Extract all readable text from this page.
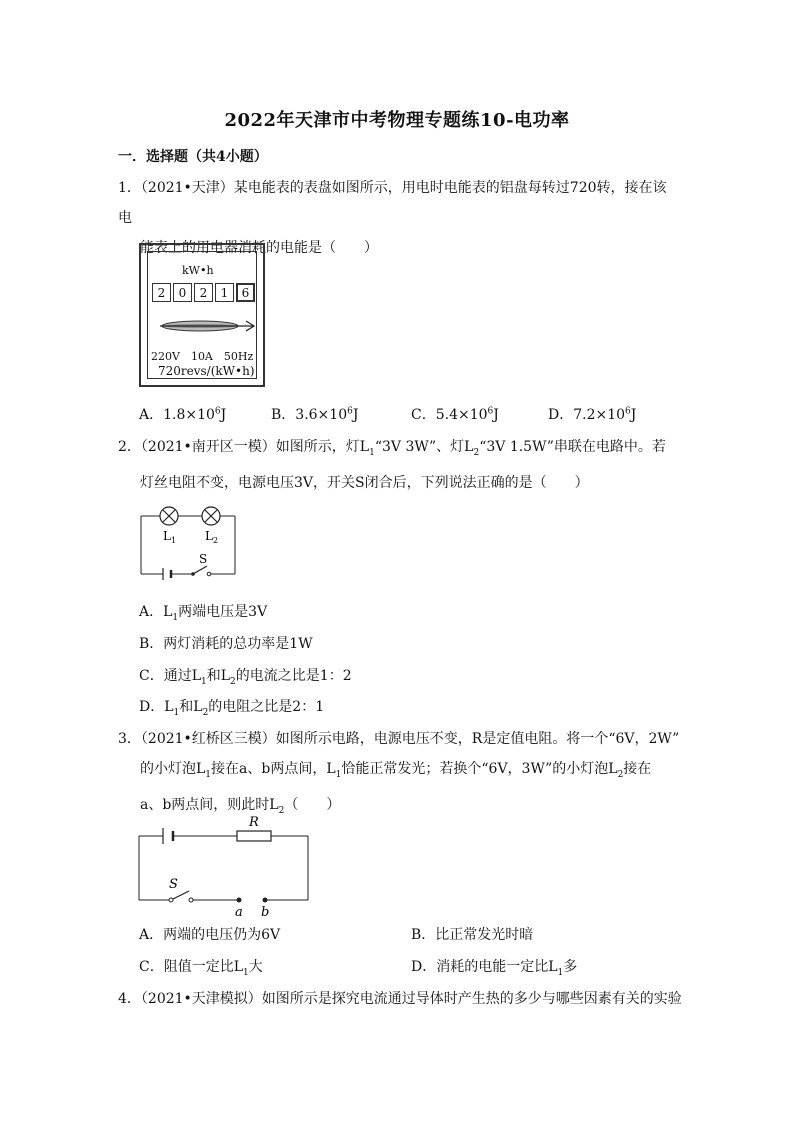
2022年天津市中考物理专题练10-电功率
一．选择题（共4小题）
1．（2021•天津）某电能表的表盘如图所示，用电时电能表的铝盘每转过720转，接在该电

能表上的用电器消耗的电能是（　　）
kW•h
2	0	2	1	6
220V　10A　50Hz
720revs/(kW•h)
A．$1.8\times 10^6J$	B．$3.6\times 10^6J$	C．$5.4\times 10^6J$	D．$7.2\times 10^6J$
2．（2021•南开区一模）如图所示，灯$L_1“3V$ 3W”、灯$L_2“3V$ 1.5W”串联在电路中。若

灯丝电阻不变，电源电压3V，开关S闭合后，下列说法正确的是（　　）
$L_1$ $L_2$
S
A．$L_1$两端电压是3V
B．两灯消耗的总功率是1W
C．通过$L_1$和$L_2$的电流之比是1：2
D．$L_1$和$L_2$的电阻之比是2：1
3．（2021•红桥区三模）如图所示电路，电源电压不变，R是定值电阻。将一个“6V，2W”

的小灯泡$L_1$接在a、b两点间，$L_1$恰能正常发光；若换个“6V，3W”的小灯泡$L_2$接在
a、b两点间，则此时$L_2$（　　）
R
S
a b
A．两端的电压仍为6V	B．比正常发光时暗
C．阻值一定比$L_1$大	D．消耗的电能一定比$L_1$多
4．（2021•天津模拟）如图所示是探究电流通过导体时产生热的多少与哪些因素有关的实验
